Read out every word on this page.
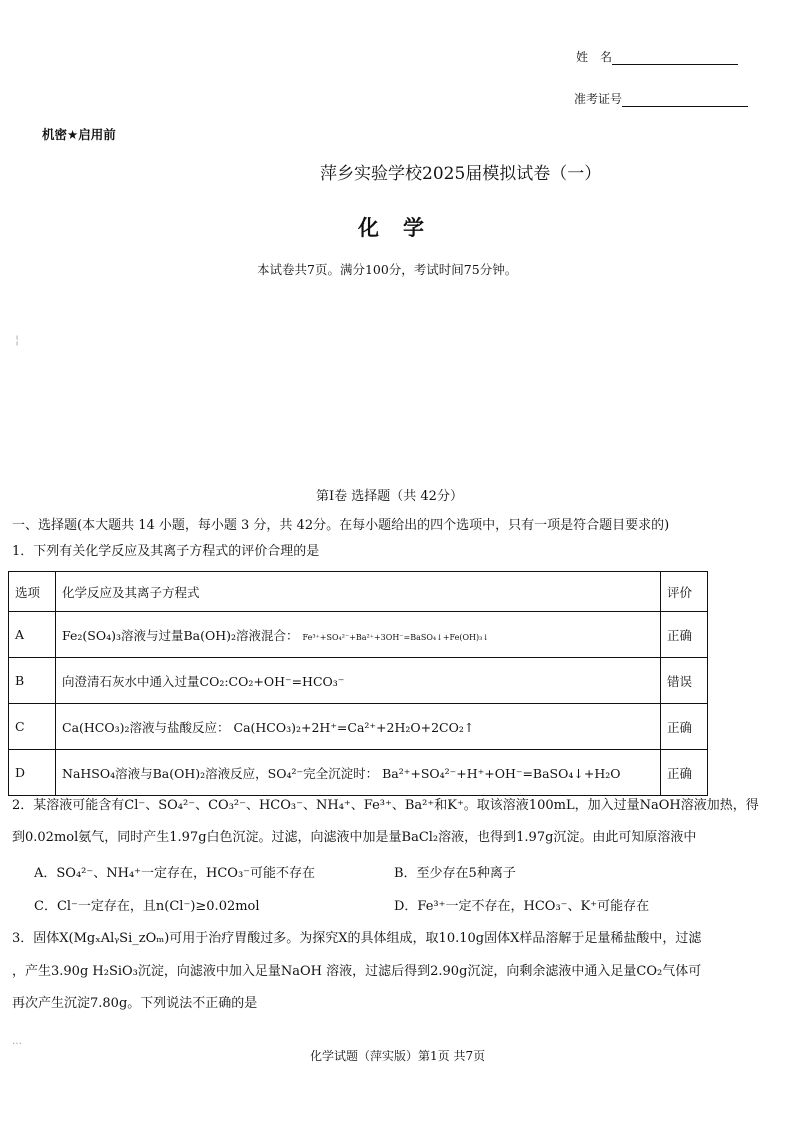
姓　名
准考证号
机密★启用前
萍乡实验学校2025届模拟试卷（一）
化学
本试卷共7页。满分100分，考试时间75分钟。
╎
第Ⅰ卷 选择题（共 42分）
一、选择题(本大题共 14 小题，每小题 3 分，共 42分。在每小题给出的四个选项中，只有一项是符合题目要求的)
1．下列有关化学反应及其离子方程式的评价合理的是
选项	化学反应及其离子方程式	评价
A	Fe₂(SO₄)₃溶液与过量Ba(OH)₂溶液混合： Fe³⁺+SO₄²⁻+Ba²⁺+3OH⁻=BaSO₄↓+Fe(OH)₃↓	正确
B	向澄清石灰水中通入过量CO₂:CO₂+OH⁻=HCO₃⁻	错误
C	Ca(HCO₃)₂溶液与盐酸反应： Ca(HCO₃)₂+2H⁺=Ca²⁺+2H₂O+2CO₂↑	正确
D	NaHSO₄溶液与Ba(OH)₂溶液反应，SO₄²⁻完全沉淀时： Ba²⁺+SO₄²⁻+H⁺+OH⁻=BaSO₄↓+H₂O	正确
2．某溶液可能含有Cl⁻、SO₄²⁻、CO₃²⁻、HCO₃⁻、NH₄⁺、Fe³⁺、Ba²⁺和K⁺。取该溶液100mL，加入过量NaOH溶液加热，得
到0.02mol氨气，同时产生1.97g白色沉淀。过滤，向滤液中加是量BaCl₂溶液，也得到1.97g沉淀。由此可知原溶液中
A．SO₄²⁻、NH₄⁺一定存在，HCO₃⁻可能不存在	B．至少存在5种离子
C．Cl⁻一定存在，且n(Cl⁻)≥0.02mol	D．Fe³⁺一定不存在，HCO₃⁻、K⁺可能存在
3．固体X(MgₓAlᵧSi_zOₘ)可用于治疗胃酸过多。为探究X的具体组成，取10.10g固体X样品溶解于足量稀盐酸中，过滤
，产生3.90g H₂SiO₃沉淀，向滤液中加入足量NaOH 溶液，过滤后得到2.90g沉淀，向剩余滤液中通入足量CO₂气体可
再次产生沉淀7.80g。下列说法不正确的是
…
化学试题（萍实版）第1页 共7页
